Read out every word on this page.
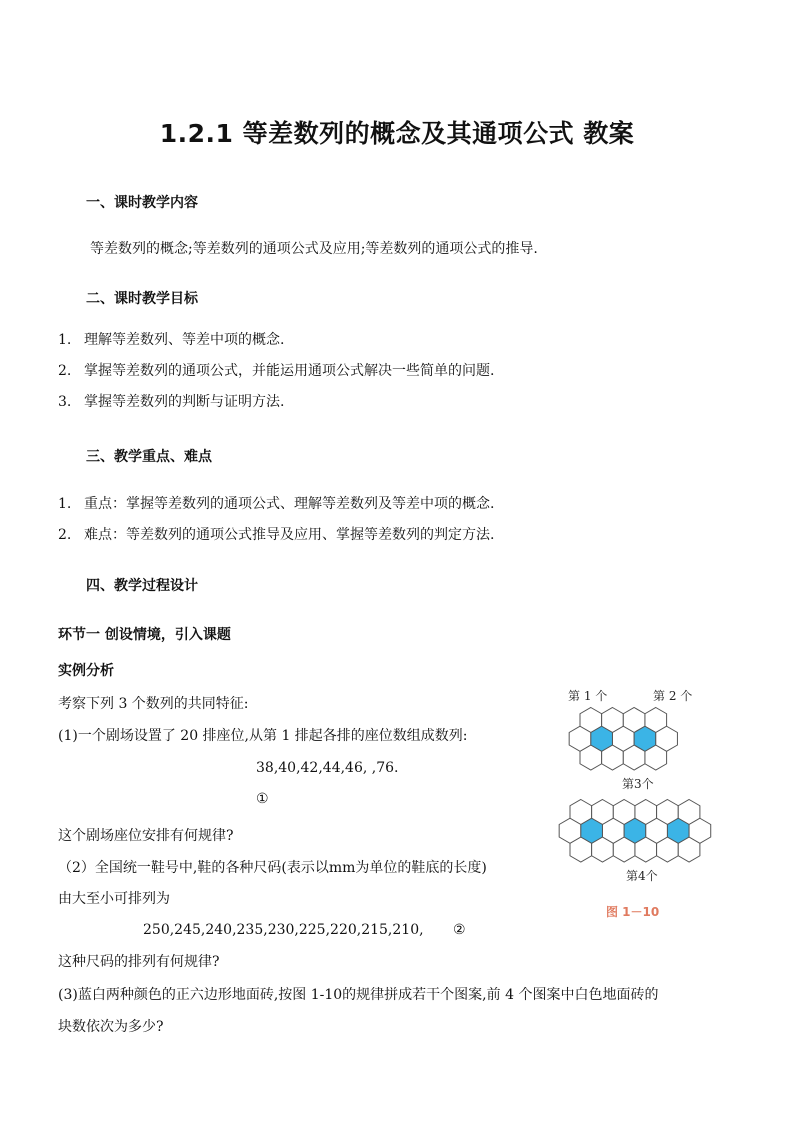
1.2.1 等差数列的概念及其通项公式 教案
一、课时教学内容
等差数列的概念;等差数列的通项公式及应用;等差数列的通项公式的推导.
二、课时教学目标
1. 理解等差数列、等差中项的概念.
2. 掌握等差数列的通项公式，并能运用通项公式解决一些简单的问题.
3. 掌握等差数列的判断与证明方法.
三、教学重点、难点
1. 重点：掌握等差数列的通项公式、理解等差数列及等差中项的概念.
2. 难点：等差数列的通项公式推导及应用、掌握等差数列的判定方法.
四、教学过程设计
环节一 创设情境，引入课题
实例分析
考察下列 3 个数列的共同特征:
(1)一个剧场设置了 20 排座位,从第 1 排起各排的座位数组成数列:
38,40,42,44,46, ,76.
①
这个剧场座位安排有何规律?
（2）全国统一鞋号中,鞋的各种尺码(表示以mm为单位的鞋底的长度)
由大至小可排列为
250,245,240,235,230,225,220,215,210, ②
这种尺码的排列有何规律?
(3)蓝白两种颜色的正六边形地面砖,按图 1-10的规律拼成若干个图案,前 4 个图案中白色地面砖的
块数依次为多少?
第 1 个	第 2 个
第3个
第4个
图 1－10
